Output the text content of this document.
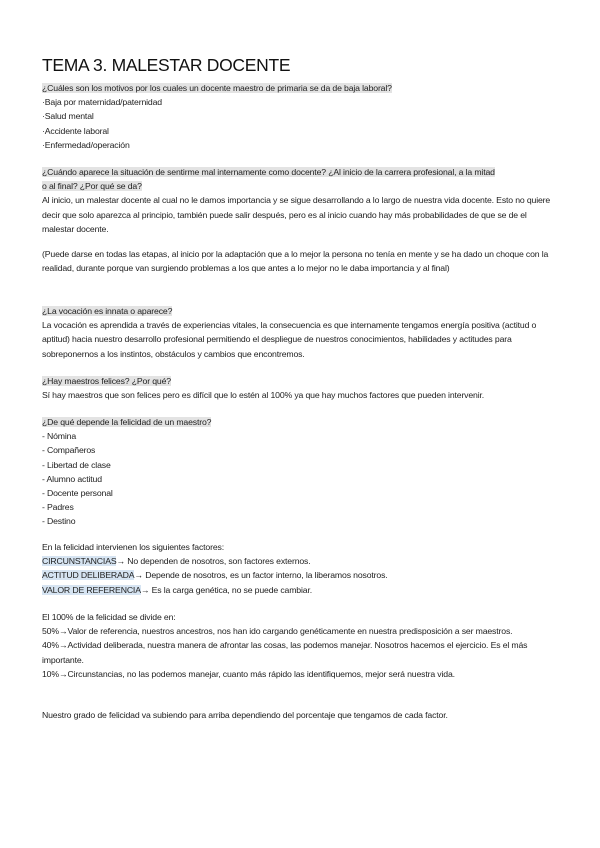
TEMA 3. MALESTAR DOCENTE
¿Cuáles son los motivos por los cuales un docente maestro de primaria se da de baja laboral?
·Baja por maternidad/paternidad
·Salud mental
·Accidente laboral
·Enfermedad/operación
¿Cuándo aparece la situación de sentirme mal internamente como docente? ¿Al inicio de la carrera profesional, a la mitad
o al final? ¿Por qué se da?
Al inicio, un malestar docente al cual no le damos importancia y se sigue desarrollando a lo largo de nuestra vida docente. Esto no quiere decir que solo aparezca al principio, también puede salir después, pero es al inicio cuando hay más probabilidades de que se de el malestar docente.
(Puede darse en todas las etapas, al inicio por la adaptación que a lo mejor la persona no tenía en mente y se ha dado un choque con la realidad, durante porque van surgiendo problemas a los que antes a lo mejor no le daba importancia y al final)
¿La vocación es innata o aparece?
La vocación es aprendida a través de experiencias vitales, la consecuencia es que internamente tengamos energía positiva (actitud o aptitud) hacia nuestro desarrollo profesional permitiendo el despliegue de nuestros conocimientos, habilidades y actitudes para sobreponernos a los instintos, obstáculos y cambios que encontremos.
¿Hay maestros felices? ¿Por qué?
Sí hay maestros que son felices pero es difícil que lo estén al 100% ya que hay muchos factores que pueden intervenir.
¿De qué depende la felicidad de un maestro?
- Nómina
- Compañeros
- Libertad de clase
- Alumno actitud
- Docente personal
- Padres
- Destino
En la felicidad intervienen los siguientes factores:
CIRCUNSTANCIAS→ No dependen de nosotros, son factores externos.
ACTITUD DELIBERADA→ Depende de nosotros, es un factor interno, la liberamos nosotros.
VALOR DE REFERENCIA→ Es la carga genética, no se puede cambiar.
El 100% de la felicidad se divide en:
50%→Valor de referencia, nuestros ancestros, nos han ido cargando genéticamente en nuestra predisposición a ser maestros.
40%→Actividad deliberada, nuestra manera de afrontar las cosas, las podemos manejar. Nosotros hacemos el ejercicio. Es el más importante.
10%→Circunstancias, no las podemos manejar, cuanto más rápido las identifiquemos, mejor será nuestra vida.
Nuestro grado de felicidad va subiendo para arriba dependiendo del porcentaje que tengamos de cada factor.
